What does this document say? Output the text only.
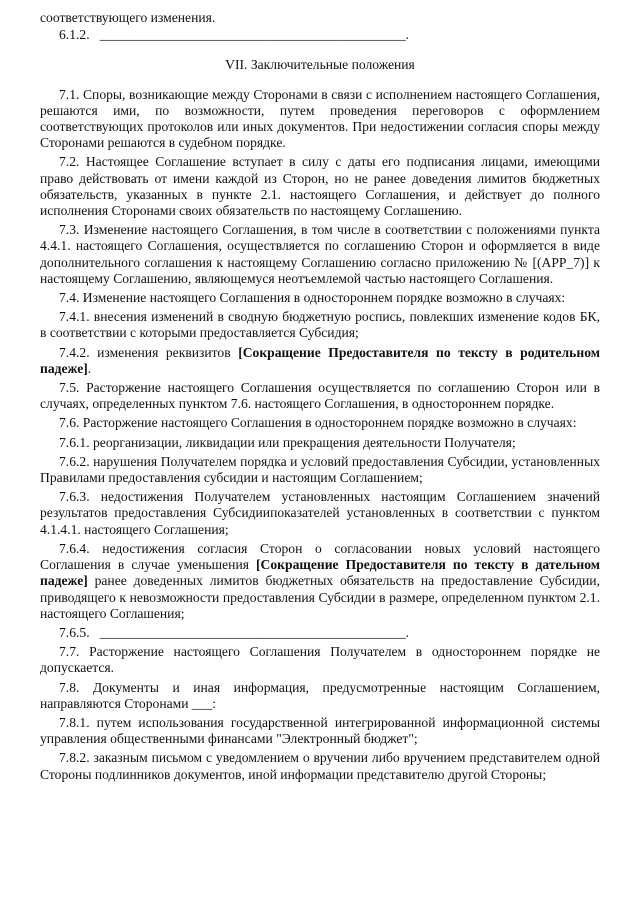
соответствующего изменения.

6.1.2. _____________________________________________.

VII. Заключительные положения

7.1. Споры, возникающие между Сторонами в связи с исполнением настоящего Соглашения, решаются ими, по возможности, путем проведения переговоров с оформлением соответствующих протоколов или иных документов. При недостижении согласия споры между Сторонами решаются в судебном порядке.

7.2. Настоящее Соглашение вступает в силу с даты его подписания лицами, имеющими право действовать от имени каждой из Сторон, но не ранее доведения лимитов бюджетных обязательств, указанных в пункте 2.1. настоящего Соглашения, и действует до полного исполнения Сторонами своих обязательств по настоящему Соглашению.

7.3. Изменение настоящего Соглашения, в том числе в соответствии с положениями пункта 4.4.1. настоящего Соглашения, осуществляется по соглашению Сторон и оформляется в виде дополнительного соглашения к настоящему Соглашению согласно приложению № [(APP_7)] к настоящему Соглашению, являющемуся неотъемлемой частью настоящего Соглашения.

7.4. Изменение настоящего Соглашения в одностороннем порядке возможно в случаях:

7.4.1. внесения изменений в сводную бюджетную роспись, повлекших изменение кодов БК, в соответствии с которыми предоставляется Субсидия;

7.4.2. изменения реквизитов [Сокращение Предоставителя по тексту в родительном падеже].

7.5. Расторжение настоящего Соглашения осуществляется по соглашению Сторон или в случаях, определенных пунктом 7.6. настоящего Соглашения, в одностороннем порядке.

7.6. Расторжение настоящего Соглашения в одностороннем порядке возможно в случаях:

7.6.1. реорганизации, ликвидации или прекращения деятельности Получателя;

7.6.2. нарушения Получателем порядка и условий предоставления Субсидии, установленных Правилами предоставления субсидии и настоящим Соглашением;

7.6.3. недостижения Получателем установленных настоящим Соглашением значений результатов предоставления Субсидиипоказателей установленных в соответствии с пунктом 4.1.4.1. настоящего Соглашения;

7.6.4. недостижения согласия Сторон о согласовании новых условий настоящего Соглашения в случае уменьшения [Сокращение Предоставителя по тексту в дательном падеже] ранее доведенных лимитов бюджетных обязательств на предоставление Субсидии, приводящего к невозможности предоставления Субсидии в размере, определенном пунктом 2.1. настоящего Соглашения;

7.6.5. _____________________________________________.

7.7. Расторжение настоящего Соглашения Получателем в одностороннем порядке не допускается.

7.8. Документы и иная информация, предусмотренные настоящим Соглашением, направляются Сторонами ___:

7.8.1. путем использования государственной интегрированной информационной системы управления общественными финансами "Электронный бюджет";

7.8.2. заказным письмом с уведомлением о вручении либо вручением представителем одной Стороны подлинников документов, иной информации представителю другой Стороны;
